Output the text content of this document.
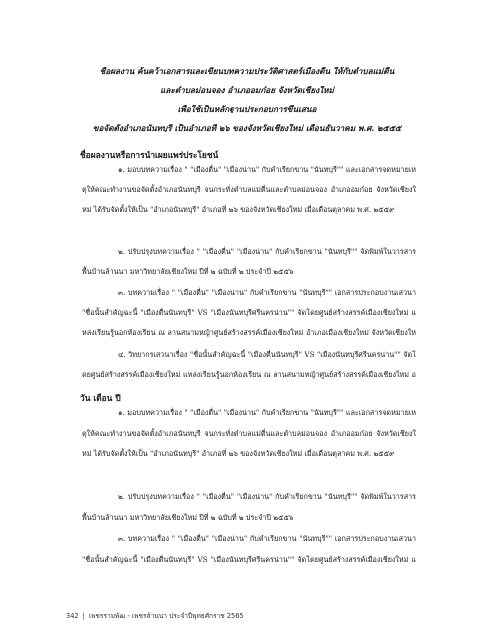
ชื่อผลงาน ค้นคว้าเอกสารและเขียนบทความประวัติศาสตร์เมืองตื่น ให้กับตำบลแม่ตื่น
และตำบลม่อนจอง อำเภออมก๋อย จังหวัดเชียงใหม่
เพื่อใช้เป็นหลักฐานประกอบการขึ้นเสนอ
ขอจัดตั้งอำเภอนันทบุรี เป็นอำเภอที่ ๒๖ ของจังหวัดเชียงใหม่ เดือนธันวาคม พ.ศ. ๒๕๕๕
ชื่อผลงานหรือการนำเผยแพร่ประโยชน์
๑. มอบบทความเรื่อง " "เมืองตื่น" "เมืองน่าน" กับคำเรียกขาน "นันทบุรี"" และเอกสารจดหมายเหตุให้คณะทำงานขอจัดตั้งอำเภอนันทบุรี จนกระทั่งตำบลแม่ตื่นและตำบลม่อนจอง อำเภออมก๋อย จังหวัดเชียงใหม่ ได้รับจัดตั้งให้เป็น "อำเภอนันทบุรี" อำเภอที่ ๒๖ ของจังหวัดเชียงใหม่ เมื่อเดือนตุลาคม พ.ศ. ๒๕๕๙
๒. ปรับปรุงบทความเรื่อง " "เมืองตื่น" "เมืองน่าน" กับคำเรียกขาน "นันทบุรี"" จัดพิมพ์ในวารสารพื้นบ้านล้านนา มหาวิทยาลัยเชียงใหม่ ปีที่ ๒ ฉบับที่ ๒ ประจำปี ๒๕๕๖
๓. บทความเรื่อง " "เมืองตื่น" "เมืองน่าน" กับคำเรียกขาน "นันทบุรี"" เอกสารประกอบงานเสวนา "ชื่อนั้นสำคัญฉะนี้ "เมืองตื่นนันทบุรี" VS "เมืองนันทบุรีศรีนครน่าน"" จัดโดยศูนย์สร้างสรรค์เมืองเชียงใหม่ แหล่งเรียนรู้นอกห้องเรียน ณ ลานสนามหญ้าศูนย์สร้างสรรค์เมืองเชียงใหม่ อำเภอเมืองเชียงใหม่ จังหวัดเชียงให
๔. วิทยากรเสวนาเรื่อง "ชื่อนั้นสำคัญฉะนี้ "เมืองตื่นนันทบุรี" VS "เมืองนันทบุรีศรีนครน่าน"" จัดโดยศูนย์สร้างสรรค์เมืองเชียงใหม่ แหล่งเรียนรู้นอกห้องเรียน ณ ลานสนามหญ้าศูนย์สร้างสรรค์เมืองเชียงใหม่
วัน เดือน ปี
๑. มอบบทความเรื่อง " "เมืองตื่น" "เมืองน่าน" กับคำเรียกขาน "นันทบุรี"" และเอกสารจดหมายเหตุให้คณะทำงานขอจัดตั้งอำเภอนันทบุรี จนกระทั่งตำบลแม่ตื่นและตำบลม่อนจอง อำเภออมก๋อย จังหวัดเชียงใหม่ ได้รับจัดตั้งให้เป็น "อำเภอนันทบุรี" อำเภอที่ ๒๖ ของจังหวัดเชียงใหม่ เมื่อเดือนตุลาคม พ.ศ. ๒๕๕๙
๒. ปรับปรุงบทความเรื่อง " "เมืองตื่น" "เมืองน่าน" กับคำเรียกขาน "นันทบุรี"" จัดพิมพ์ในวารสารพื้นบ้านล้านนา มหาวิทยาลัยเชียงใหม่ ปีที่ ๒ ฉบับที่ ๒ ประจำปี ๒๕๕๖
๓. บทความเรื่อง " "เมืองตื่น" "เมืองน่าน" กับคำเรียกขาน "นันทบุรี"" เอกสารประกอบงานเสวนา "ชื่อนั้นสำคัญฉะนี้ "เมืองตื่นนันทบุรี" VS "เมืองนันทบุรีศรีนครน่าน"" จัดโดยศูนย์สร้างสรรค์เมืองเชียงใหม่ แ
342 | เพชรรามพัฒ - เพชรล้านนา ประจำปีพุทธศักราช 2565
